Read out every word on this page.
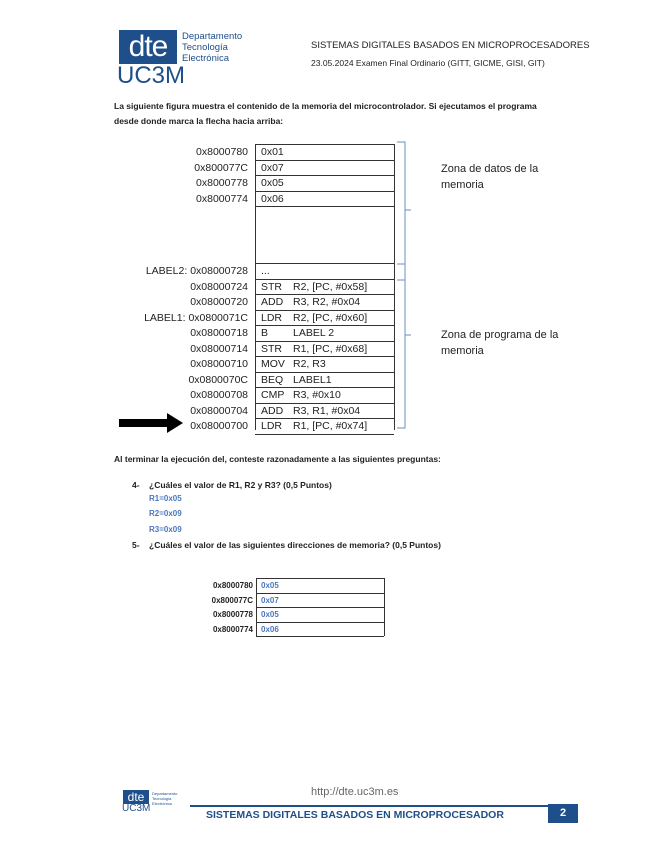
dte
UC3M
Departamento
Tecnología
Electrónica
SISTEMAS DIGITALES BASADOS EN MICROPROCESADORES
23.05.2024 Examen Final Ordinario (GITT, GICME, GISI, GIT)
La siguiente figura muestra el contenido de la memoria del microcontrolador. Si ejecutamos el programa desde donde marca la flecha hacia arriba:
0x8000780 0x01
0x800077C 0x07
0x8000778 0x05
0x8000774 0x06
LABEL2: 0x08000728 ...
0x08000724 STR R2, [PC, #0x58]
0x08000720 ADD R3, R2, #0x04
LABEL1: 0x0800071C LDR R2, [PC, #0x60]
0x08000718 B LABEL 2
0x08000714 STR R1, [PC, #0x68]
0x08000710 MOV R2, R3
0x0800070C BEQ LABEL1
0x08000708 CMP R3, #0x10
0x08000704 ADD R3, R1, #0x04
0x08000700 LDR R1, [PC, #0x74]
Zona de datos de la memoria
Zona de programa de la memoria
Al terminar la ejecución del, conteste razonadamente a las siguientes preguntas:
4- ¿Cuáles el valor de R1, R2 y R3? (0,5 Puntos)
R1=0x05
R2=0x09
R3=0x09
5- ¿Cuáles el valor de las siguientes direcciones de memoria? (0,5 Puntos)
0x8000780 0x05
0x800077C 0x07
0x8000778 0x05
0x8000774 0x06
dte
UC3M
Departamento
Tecnología
Electrónica
http://dte.uc3m.es
SISTEMAS DIGITALES BASADOS EN MICROPROCESADOR	2
